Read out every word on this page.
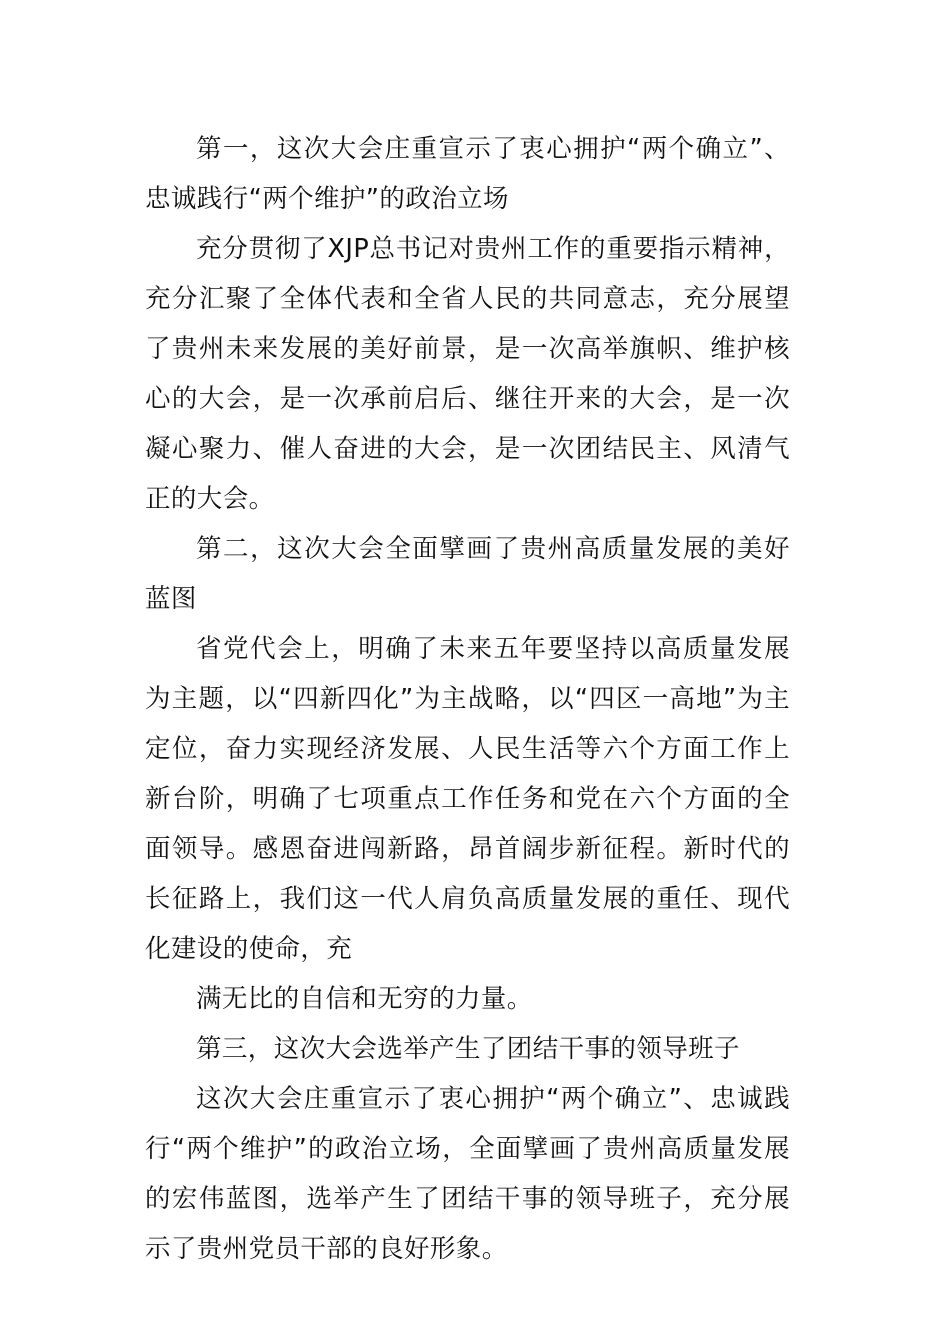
第一，这次大会庄重宣示了衷心拥护“两个确立”、忠诚践行“两个维护”的政治立场

充分贯彻了XJP总书记对贵州工作的重要指示精神，充分汇聚了全体代表和全省人民的共同意志，充分展望了贵州未来发展的美好前景，是一次高举旗帜、维护核心的大会，是一次承前启后、继往开来的大会，是一次凝心聚力、催人奋进的大会，是一次团结民主、风清气正的大会。

第二，这次大会全面擘画了贵州高质量发展的美好蓝图

省党代会上，明确了未来五年要坚持以高质量发展为主题，以“四新四化”为主战略，以“四区一高地”为主定位，奋力实现经济发展、人民生活等六个方面工作上新台阶，明确了七项重点工作任务和党在六个方面的全面领导。感恩奋进闯新路，昂首阔步新征程。新时代的长征路上，我们这一代人肩负高质量发展的重任、现代化建设的使命，充

满无比的自信和无穷的力量。

第三，这次大会选举产生了团结干事的领导班子

这次大会庄重宣示了衷心拥护“两个确立”、忠诚践行“两个维护”的政治立场，全面擘画了贵州高质量发展的宏伟蓝图，选举产生了团结干事的领导班子，充分展示了贵州党员干部的良好形象。
